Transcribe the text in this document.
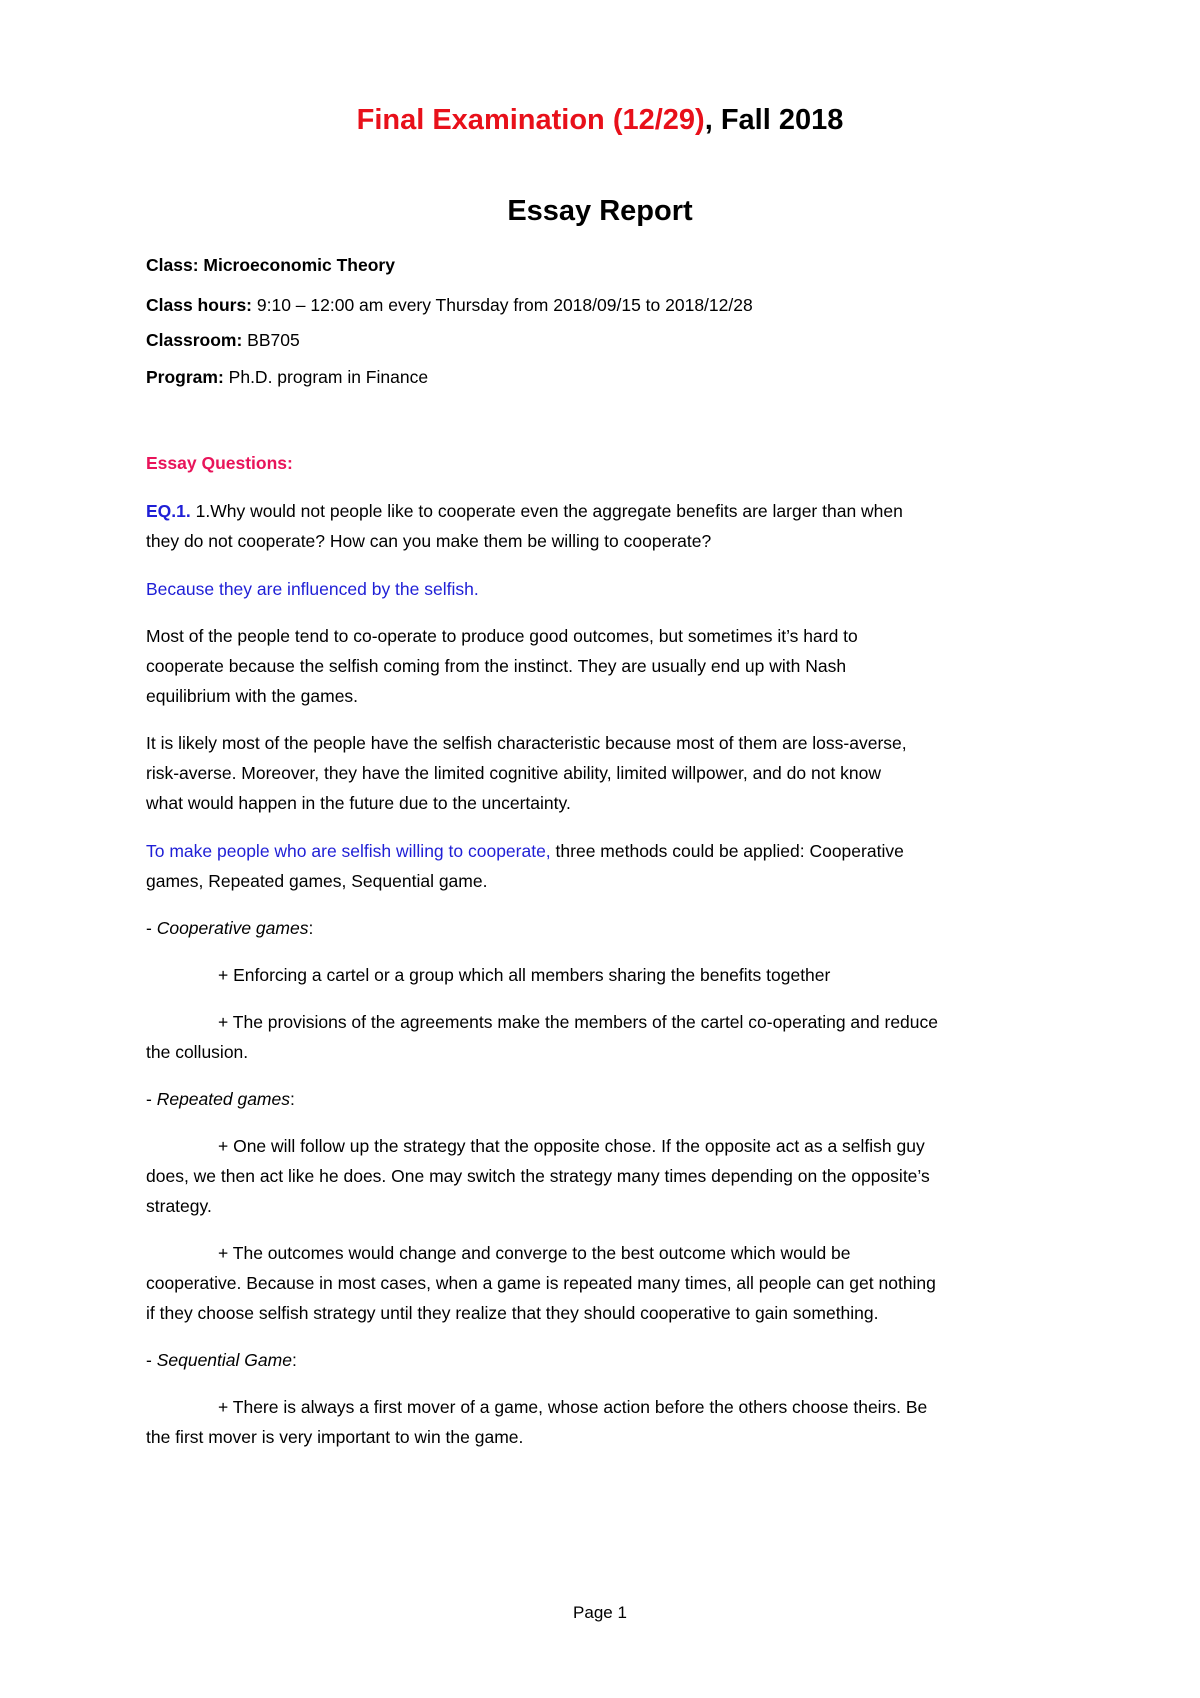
Final Examination (12/29), Fall 2018
Essay Report
Class: Microeconomic Theory
Class hours: 9:10 – 12:00 am every Thursday from 2018/09/15 to 2018/12/28
Classroom: BB705
Program: Ph.D. program in Finance
Essay Questions:
EQ.1. 1.Why would not people like to cooperate even the aggregate benefits are larger than when
they do not cooperate? How can you make them be willing to cooperate?
Because they are influenced by the selfish.
Most of the people tend to co-operate to produce good outcomes, but sometimes it’s hard to
cooperate because the selfish coming from the instinct. They are usually end up with Nash
equilibrium with the games.
It is likely most of the people have the selfish characteristic because most of them are loss-averse,
risk-averse. Moreover, they have the limited cognitive ability, limited willpower, and do not know
what would happen in the future due to the uncertainty.
To make people who are selfish willing to cooperate, three methods could be applied: Cooperative
games, Repeated games, Sequential game.
- Cooperative games:
+ Enforcing a cartel or a group which all members sharing the benefits together
+ The provisions of the agreements make the members of the cartel co-operating and reduce
the collusion.
- Repeated games:
+ One will follow up the strategy that the opposite chose. If the opposite act as a selfish guy
does, we then act like he does. One may switch the strategy many times depending on the opposite’s
strategy.
+ The outcomes would change and converge to the best outcome which would be
cooperative. Because in most cases, when a game is repeated many times, all people can get nothing
if they choose selfish strategy until they realize that they should cooperative to gain something.
- Sequential Game:
+ There is always a first mover of a game, whose action before the others choose theirs. Be
the first mover is very important to win the game.
Page 1
